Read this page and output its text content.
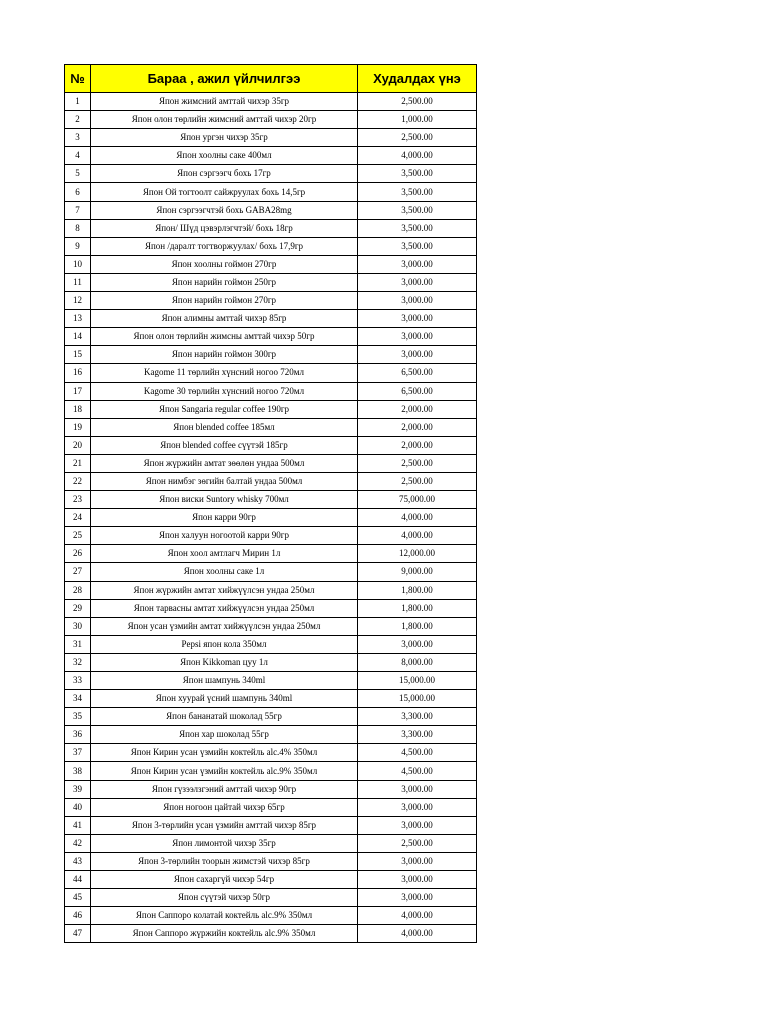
№	Бараа , ажил үйлчилгээ	Худалдах үнэ
1	Япон жимсний амттай чихэр 35гр	2,500.00
2	Япон олон төрлийн жимсний амттай чихэр 20гр	1,000.00
3	Япон ургэн чихэр 35гр	2,500.00
4	Япон хоолны саке 400мл	4,000.00
5	Япон сэргээгч бохь 17гр	3,500.00
6	Япон Ой тогтоолт сайжруулах бохь 14,5гр	3,500.00
7	Япон сэргээгчтэй бохь GABA28mg	3,500.00
8	Япон/ Шүд цэвэрлэгчтэй/ бохь 18гр	3,500.00
9	Япон /даралт тогтворжуулах/ бохь 17,9гр	3,500.00
10	Япон хоолны гоймон 270гр	3,000.00
11	Япон нарийн гоймон 250гр	3,000.00
12	Япон нарийн гоймон 270гр	3,000.00
13	Япон алимны амттай чихэр 85гр	3,000.00
14	Япон олон төрлийн жимсны амттай чихэр 50гр	3,000.00
15	Япон нарийн гоймон 300гр	3,000.00
16	Kagome 11 төрлийн хүнсний ногоо 720мл	6,500.00
17	Kagome 30 төрлийн хүнсний ногоо 720мл	6,500.00
18	Япон Sangaria regular coffee 190гр	2,000.00
19	Япон blended coffee 185мл	2,000.00
20	Япон blended coffee сүүтэй 185гр	2,000.00
21	Япон жүржийн амтат зөөлөн ундаа 500мл	2,500.00
22	Япон нимбэг зөгийн балтай ундаа 500мл	2,500.00
23	Япон виски Suntory whisky 700мл	75,000.00
24	Япон карри 90гр	4,000.00
25	Япон халуун ногоотой карри 90гр	4,000.00
26	Япон хоол амтлагч Мирин 1л	12,000.00
27	Япон хоолны саке 1л	9,000.00
28	Япон жүржийн амтат хийжүүлсэн ундаа 250мл	1,800.00
29	Япон тарвасны амтат хийжүүлсэн ундаа 250мл	1,800.00
30	Япон усан үзмийн амтат хийжүүлсэн ундаа 250мл	1,800.00
31	Pepsi япон кола 350мл	3,000.00
32	Япон Kikkoman цуу 1л	8,000.00
33	Япон шампунь 340ml	15,000.00
34	Япон хуурай үсний шампунь 340ml	15,000.00
35	Япон бананатай шоколад 55гр	3,300.00
36	Япон хар шоколад 55гр	3,300.00
37	Япон Кирин усан үзмийн коктейль alc.4% 350мл	4,500.00
38	Япон Кирин усан үзмийн коктейль alc.9% 350мл	4,500.00
39	Япон гүзээлзгэний амттай чихэр 90гр	3,000.00
40	Япон ногоон цайтай чихэр 65гр	3,000.00
41	Япон 3-төрлийн усан үзмийн амттай чихэр 85гр	3,000.00
42	Япон лимонтой чихэр 35гр	2,500.00
43	Япон 3-төрлийн тоорын жимстэй чихэр 85гр	3,000.00
44	Япон сахаргүй чихэр 54гр	3,000.00
45	Япон сүүтэй чихэр 50гр	3,000.00
46	Япон Саппоро колатай коктейль alc.9% 350мл	4,000.00
47	Япон Саппоро жүржийн коктейль alc.9% 350мл	4,000.00
